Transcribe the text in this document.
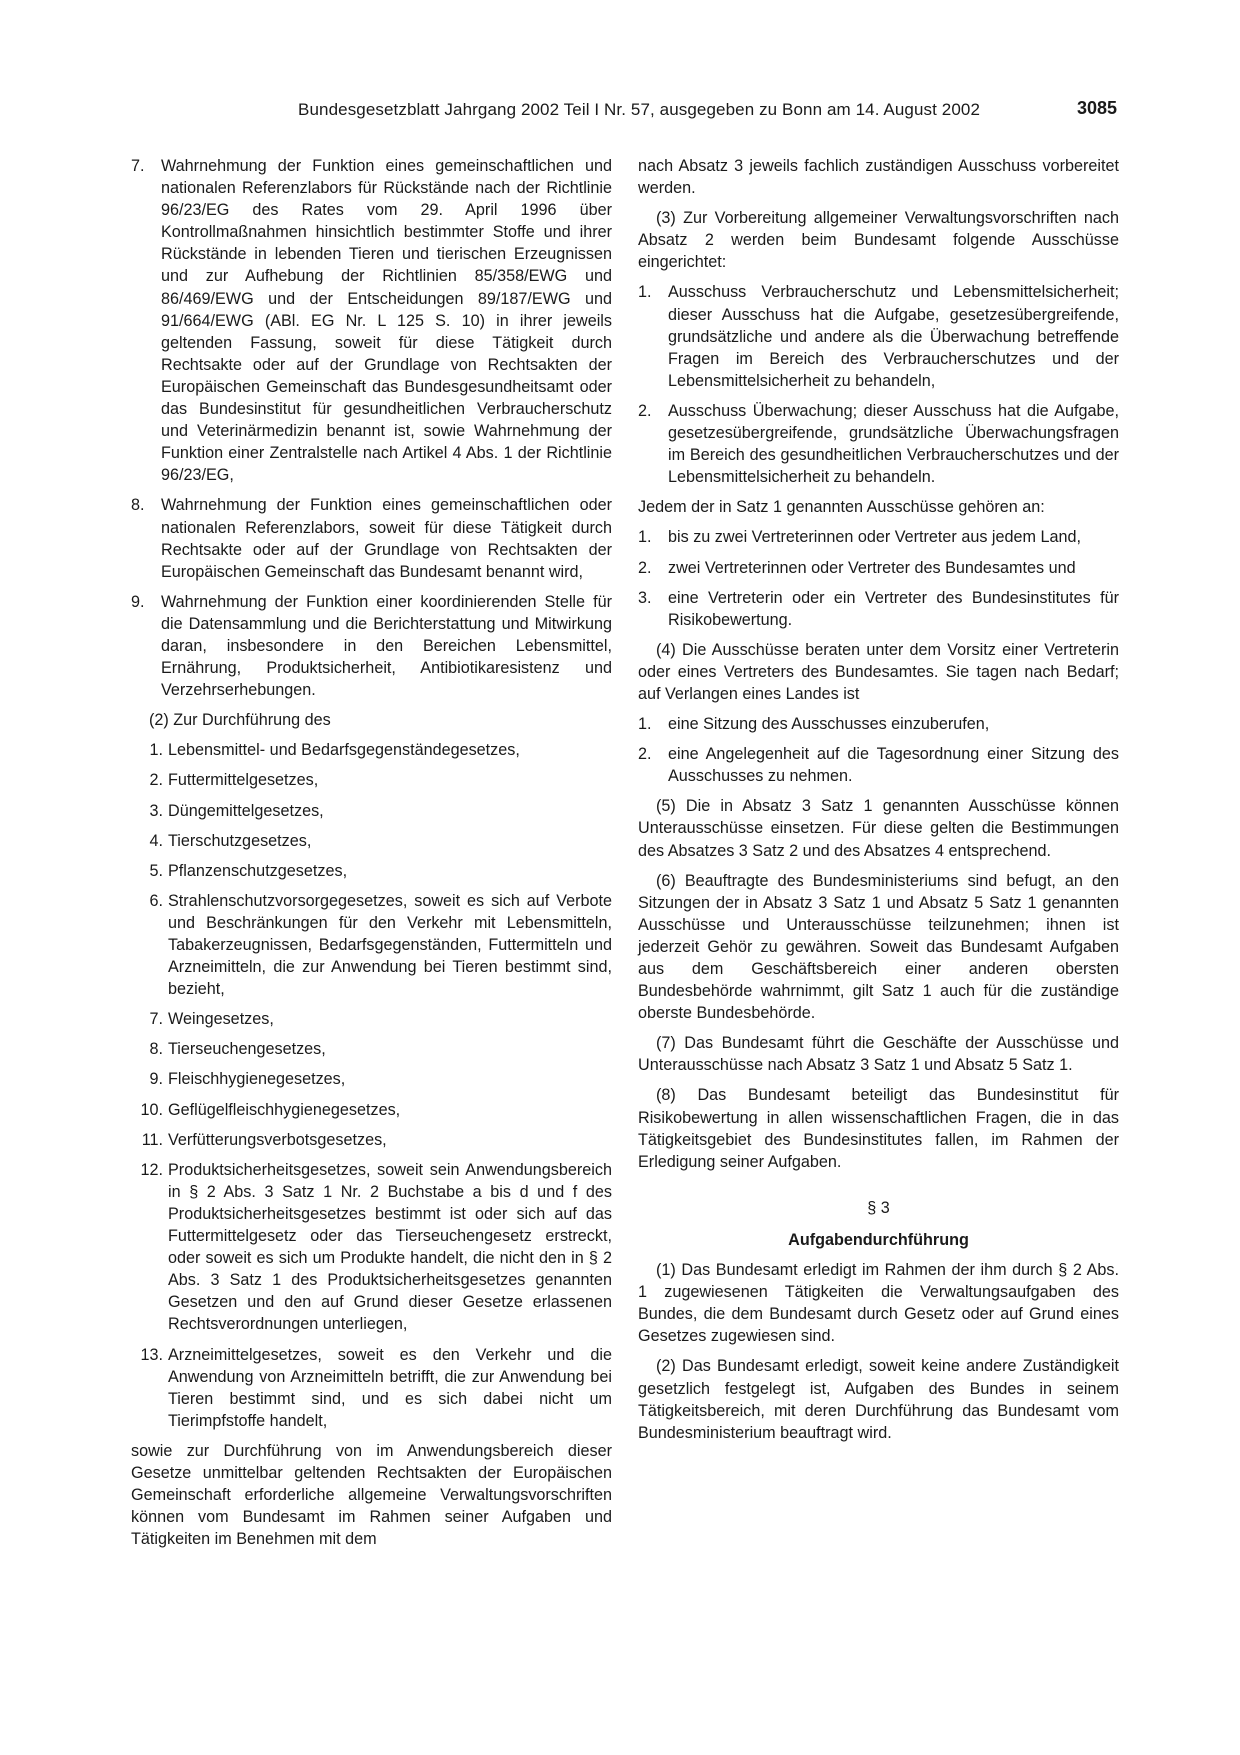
Bundesgesetzblatt Jahrgang 2002 Teil I Nr. 57, ausgegeben zu Bonn am 14. August 2002	3085
7.	Wahrnehmung der Funktion eines gemeinschaftlichen und nationalen Referenzlabors für Rückstände nach der Richtlinie 96/23/EG des Rates vom 29. April 1996 über Kontrollmaßnahmen hinsichtlich bestimmter Stoffe und ihrer Rückstände in lebenden Tieren und tierischen Erzeugnissen und zur Aufhebung der Richtlinien 85/358/EWG und 86/469/EWG und der Entscheidungen 89/187/EWG und 91/664/EWG (ABl. EG Nr. L 125 S. 10) in ihrer jeweils geltenden Fassung, soweit für diese Tätigkeit durch Rechtsakte oder auf der Grundlage von Rechtsakten der Europäischen Gemeinschaft das Bundesgesundheitsamt oder das Bundesinstitut für gesundheitlichen Verbraucherschutz und Veterinärmedizin benannt ist, sowie Wahrnehmung der Funktion einer Zentralstelle nach Artikel 4 Abs. 1 der Richtlinie 96/23/EG,
8.	Wahrnehmung der Funktion eines gemeinschaftlichen oder nationalen Referenzlabors, soweit für diese Tätigkeit durch Rechtsakte oder auf der Grundlage von Rechtsakten der Europäischen Gemeinschaft das Bundesamt benannt wird,
9.	Wahrnehmung der Funktion einer koordinierenden Stelle für die Datensammlung und die Berichterstattung und Mitwirkung daran, insbesondere in den Bereichen Lebensmittel, Ernährung, Produktsicherheit, Antibiotikaresistenz und Verzehrserhebungen.

(2) Zur Durchführung des

1. Lebensmittel- und Bedarfsgegenständegesetzes,
2. Futtermittelgesetzes,
3. Düngemittelgesetzes,
4. Tierschutzgesetzes,
5. Pflanzenschutzgesetzes,
6. Strahlenschutzvorsorgegesetzes, soweit es sich auf Verbote und Beschränkungen für den Verkehr mit Lebensmitteln, Tabakerzeugnissen, Bedarfsgegenständen, Futtermitteln und Arzneimitteln, die zur Anwendung bei Tieren bestimmt sind, bezieht,
7. Weingesetzes,
8. Tierseuchengesetzes,
9. Fleischhygienegesetzes,
10. Geflügelfleischhygienegesetzes,
11. Verfütterungsverbotsgesetzes,
12. Produktsicherheitsgesetzes, soweit sein Anwendungsbereich in § 2 Abs. 3 Satz 1 Nr. 2 Buchstabe a bis d und f des Produktsicherheitsgesetzes bestimmt ist oder sich auf das Futtermittelgesetz oder das Tierseuchengesetz erstreckt, oder soweit es sich um Produkte handelt, die nicht den in § 2 Abs. 3 Satz 1 des Produktsicherheitsgesetzes genannten Gesetzen und den auf Grund dieser Gesetze erlassenen Rechtsverordnungen unterliegen,
13. Arzneimittelgesetzes, soweit es den Verkehr und die Anwendung von Arzneimitteln betrifft, die zur Anwendung bei Tieren bestimmt sind, und es sich dabei nicht um Tierimpfstoffe handelt,

sowie zur Durchführung von im Anwendungsbereich dieser Gesetze unmittelbar geltenden Rechtsakten der Europäischen Gemeinschaft erforderliche allgemeine Verwaltungsvorschriften können vom Bundesamt im Rahmen seiner Aufgaben und Tätigkeiten im Benehmen mit dem

nach Absatz 3 jeweils fachlich zuständigen Ausschuss vorbereitet werden.

(3) Zur Vorbereitung allgemeiner Verwaltungsvorschriften nach Absatz 2 werden beim Bundesamt folgende Ausschüsse eingerichtet:

1.	Ausschuss Verbraucherschutz und Lebensmittelsicherheit; dieser Ausschuss hat die Aufgabe, gesetzesübergreifende, grundsätzliche und andere als die Überwachung betreffende Fragen im Bereich des Verbraucherschutzes und der Lebensmittelsicherheit zu behandeln,
2.	Ausschuss Überwachung; dieser Ausschuss hat die Aufgabe, gesetzesübergreifende, grundsätzliche Überwachungsfragen im Bereich des gesundheitlichen Verbraucherschutzes und der Lebensmittelsicherheit zu behandeln.

Jedem der in Satz 1 genannten Ausschüsse gehören an:

1.	bis zu zwei Vertreterinnen oder Vertreter aus jedem Land,
2.	zwei Vertreterinnen oder Vertreter des Bundesamtes und
3.	eine Vertreterin oder ein Vertreter des Bundesinstitutes für Risikobewertung.

(4) Die Ausschüsse beraten unter dem Vorsitz einer Vertreterin oder eines Vertreters des Bundesamtes. Sie tagen nach Bedarf; auf Verlangen eines Landes ist

1.	eine Sitzung des Ausschusses einzuberufen,
2.	eine Angelegenheit auf die Tagesordnung einer Sitzung des Ausschusses zu nehmen.

(5) Die in Absatz 3 Satz 1 genannten Ausschüsse können Unterausschüsse einsetzen. Für diese gelten die Bestimmungen des Absatzes 3 Satz 2 und des Absatzes 4 entsprechend.

(6) Beauftragte des Bundesministeriums sind befugt, an den Sitzungen der in Absatz 3 Satz 1 und Absatz 5 Satz 1 genannten Ausschüsse und Unterausschüsse teilzunehmen; ihnen ist jederzeit Gehör zu gewähren. Soweit das Bundesamt Aufgaben aus dem Geschäftsbereich einer anderen obersten Bundesbehörde wahrnimmt, gilt Satz 1 auch für die zuständige oberste Bundesbehörde.

(7) Das Bundesamt führt die Geschäfte der Ausschüsse und Unterausschüsse nach Absatz 3 Satz 1 und Absatz 5 Satz 1.

(8) Das Bundesamt beteiligt das Bundesinstitut für Risikobewertung in allen wissenschaftlichen Fragen, die in das Tätigkeitsgebiet des Bundesinstitutes fallen, im Rahmen der Erledigung seiner Aufgaben.

§ 3
Aufgabendurchführung

(1) Das Bundesamt erledigt im Rahmen der ihm durch § 2 Abs. 1 zugewiesenen Tätigkeiten die Verwaltungsaufgaben des Bundes, die dem Bundesamt durch Gesetz oder auf Grund eines Gesetzes zugewiesen sind.

(2) Das Bundesamt erledigt, soweit keine andere Zuständigkeit gesetzlich festgelegt ist, Aufgaben des Bundes in seinem Tätigkeitsbereich, mit deren Durchführung das Bundesamt vom Bundesministerium beauftragt wird.
